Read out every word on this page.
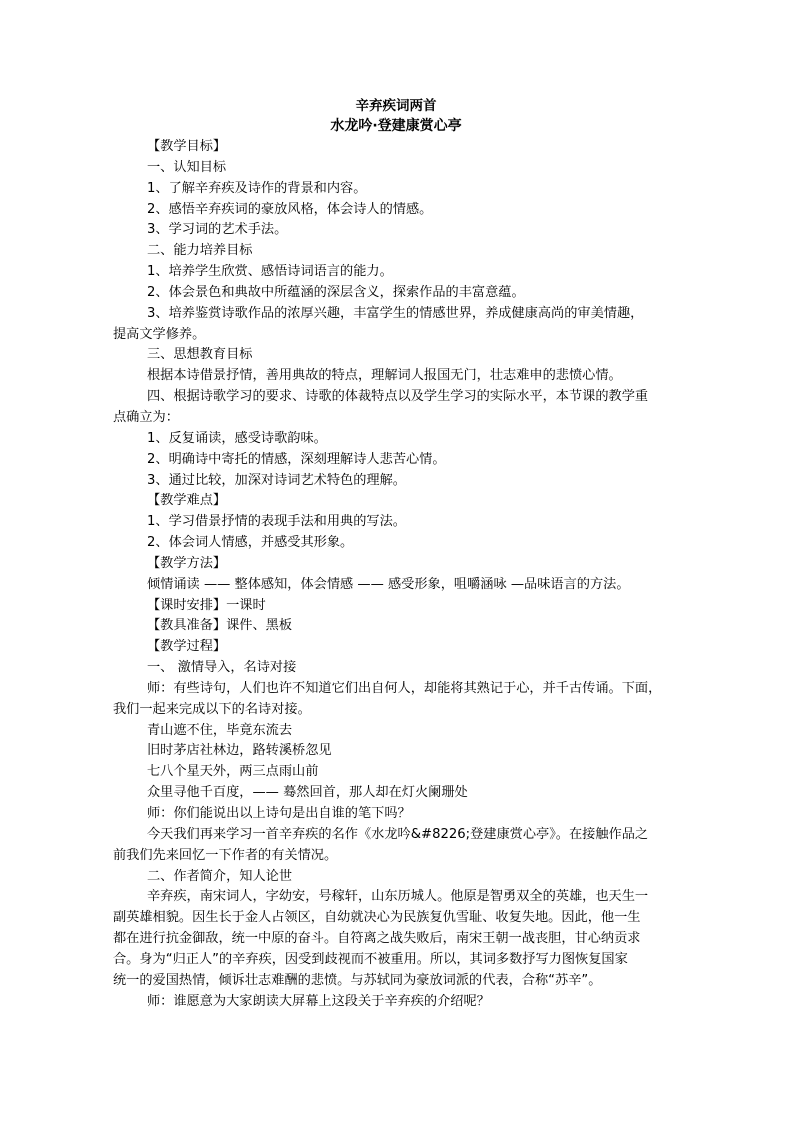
辛弃疾词两首
水龙吟·登建康赏心亭
【教学目标】
一、认知目标
1、了解辛弃疾及诗作的背景和内容。
2、感悟辛弃疾词的豪放风格，体会诗人的情感。
3、学习词的艺术手法。
二、能力培养目标
1、培养学生欣赏、感悟诗词语言的能力。
2、体会景色和典故中所蕴涵的深层含义，探索作品的丰富意蕴。
3、培养鉴赏诗歌作品的浓厚兴趣，丰富学生的情感世界，养成健康高尚的审美情趣，
提高文学修养。
三、思想教育目标
根据本诗借景抒情，善用典故的特点，理解词人报国无门，壮志难申的悲愤心情。
四、根据诗歌学习的要求、诗歌的体裁特点以及学生学习的实际水平，本节课的教学重
点确立为：
1、反复诵读，感受诗歌韵味。
2、明确诗中寄托的情感，深刻理解诗人悲苦心情。
3、通过比较，加深对诗词艺术特色的理解。
【教学难点】
1、学习借景抒情的表现手法和用典的写法。
2、体会词人情感，并感受其形象。
【教学方法】
倾情诵读 —— 整体感知，体会情感 —— 感受形象，咀嚼涵咏 —品味语言的方法。
【课时安排】一课时
【教具准备】课件、黑板
【教学过程】
一、 激情导入，名诗对接
师：有些诗句，人们也许不知道它们出自何人，却能将其熟记于心，并千古传诵。下面，
我们一起来完成以下的名诗对接。
青山遮不住，毕竟东流去
旧时茅店社林边，路转溪桥忽见
七八个星天外，两三点雨山前
众里寻他千百度，—— 蓦然回首，那人却在灯火阑珊处
师：你们能说出以上诗句是出自谁的笔下吗？
今天我们再来学习一首辛弃疾的名作《水龙吟&#8226;登建康赏心亭》。在接触作品之
前我们先来回忆一下作者的有关情况。
二、作者简介，知人论世
辛弃疾，南宋词人，字幼安，号稼轩，山东历城人。他原是智勇双全的英雄，也天生一
副英雄相貌。因生长于金人占领区，自幼就决心为民族复仇雪耻、收复失地。因此，他一生
都在进行抗金御敌，统一中原的奋斗。自符离之战失败后，南宋王朝一战丧胆，甘心纳贡求
合。身为“归正人”的辛弃疾，因受到歧视而不被重用。所以，其词多数抒写力图恢复国家
统一的爱国热情，倾诉壮志难酬的悲愤。与苏轼同为豪放词派的代表，合称“苏辛”。
师：谁愿意为大家朗读大屏幕上这段关于辛弃疾的介绍呢？
